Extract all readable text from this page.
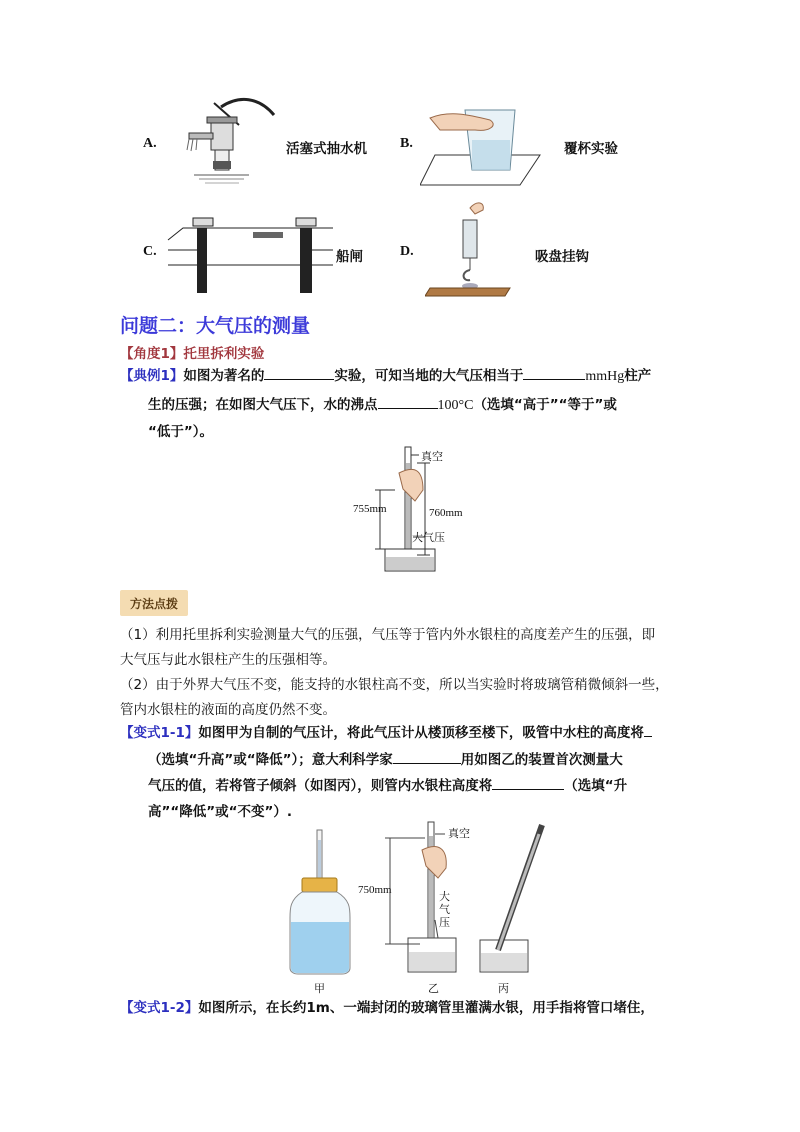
A.	活塞式抽水机 B.	覆杯实验
C.	船闸	D.	吸盘挂钩
问题二：大气压的测量
【角度1】托里拆利实验
【典例1】如图为著名的	实验，可知当地的大气压相当于	mmHg柱产
生的压强；在如图大气压下，水的沸点	100°C（选填“高于”“等于”或
“低于”）。
真空
755mm	760mm
大气压
方法点拨
（1）利用托里拆利实验测量大气的压强，气压等于管内外水银柱的高度差产生的压强，即
大气压与此水银柱产生的压强相等。
（2）由于外界大气压不变，能支持的水银柱高不变，所以当实验时将玻璃管稍微倾斜一些，
管内水银柱的液面的高度仍然不变。
【变式1-1】如图甲为自制的气压计，将此气压计从楼顶移至楼下，吸管中水柱的高度将
（选填“升高”或“降低”）；意大利科学家	用如图乙的装置首次测量大
气压的值，若将管子倾斜（如图丙），则管内水银柱高度将	（选填“升
高”“降低”或“不变”）.
真空
750mm	大
气
压
甲	乙	丙
【变式1-2】如图所示，在长约1m、一端封闭的玻璃管里灌满水银，用手指将管口堵住，
